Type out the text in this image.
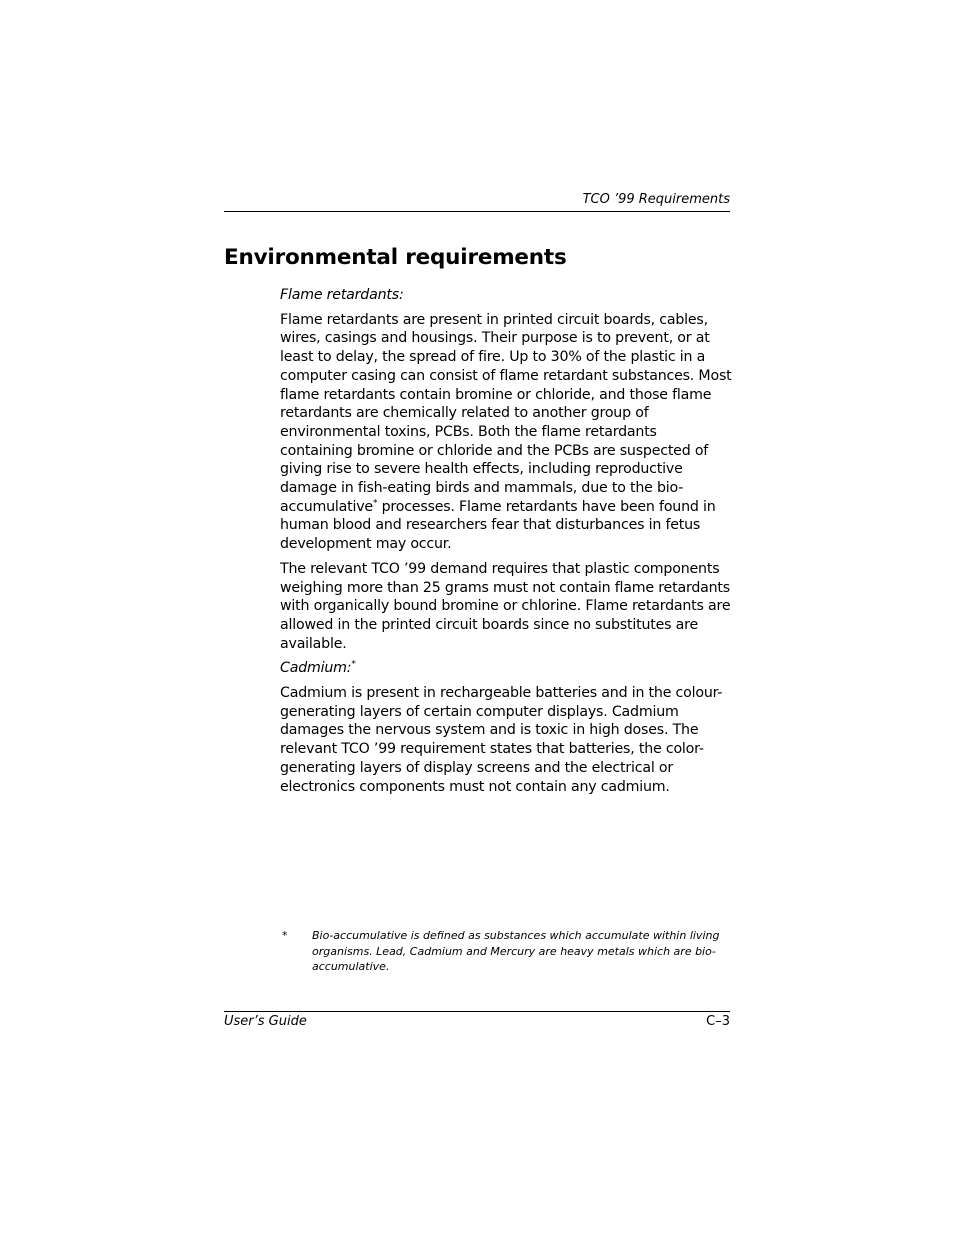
TCO ’99 Requirements
Environmental requirements

Flame retardants:

Flame retardants are present in printed circuit boards, cables, wires, casings and housings. Their purpose is to prevent, or at least to delay, the spread of fire. Up to 30% of the plastic in a computer casing can consist of flame retardant substances. Most flame retardants contain bromine or chloride, and those flame retardants are chemically related to another group of environmental toxins, PCBs. Both the flame retardants containing bromine or chloride and the PCBs are suspected of giving rise to severe health effects, including reproductive damage in fish-eating birds and mammals, due to the bio-accumulative* processes. Flame retardants have been found in human blood and researchers fear that disturbances in fetus development may occur.

The relevant TCO ’99 demand requires that plastic components weighing more than 25 grams must not contain flame retardants with organically bound bromine or chlorine. Flame retardants are allowed in the printed circuit boards since no substitutes are available.

Cadmium:*

Cadmium is present in rechargeable batteries and in the colour-generating layers of certain computer displays. Cadmium damages the nervous system and is toxic in high doses. The relevant TCO ’99 requirement states that batteries, the color-generating layers of display screens and the electrical or electronics components must not contain any cadmium.

* Bio-accumulative is defined as substances which accumulate within living organisms. Lead, Cadmium and Mercury are heavy metals which are bio-accumulative.
User’s Guide	C–3
